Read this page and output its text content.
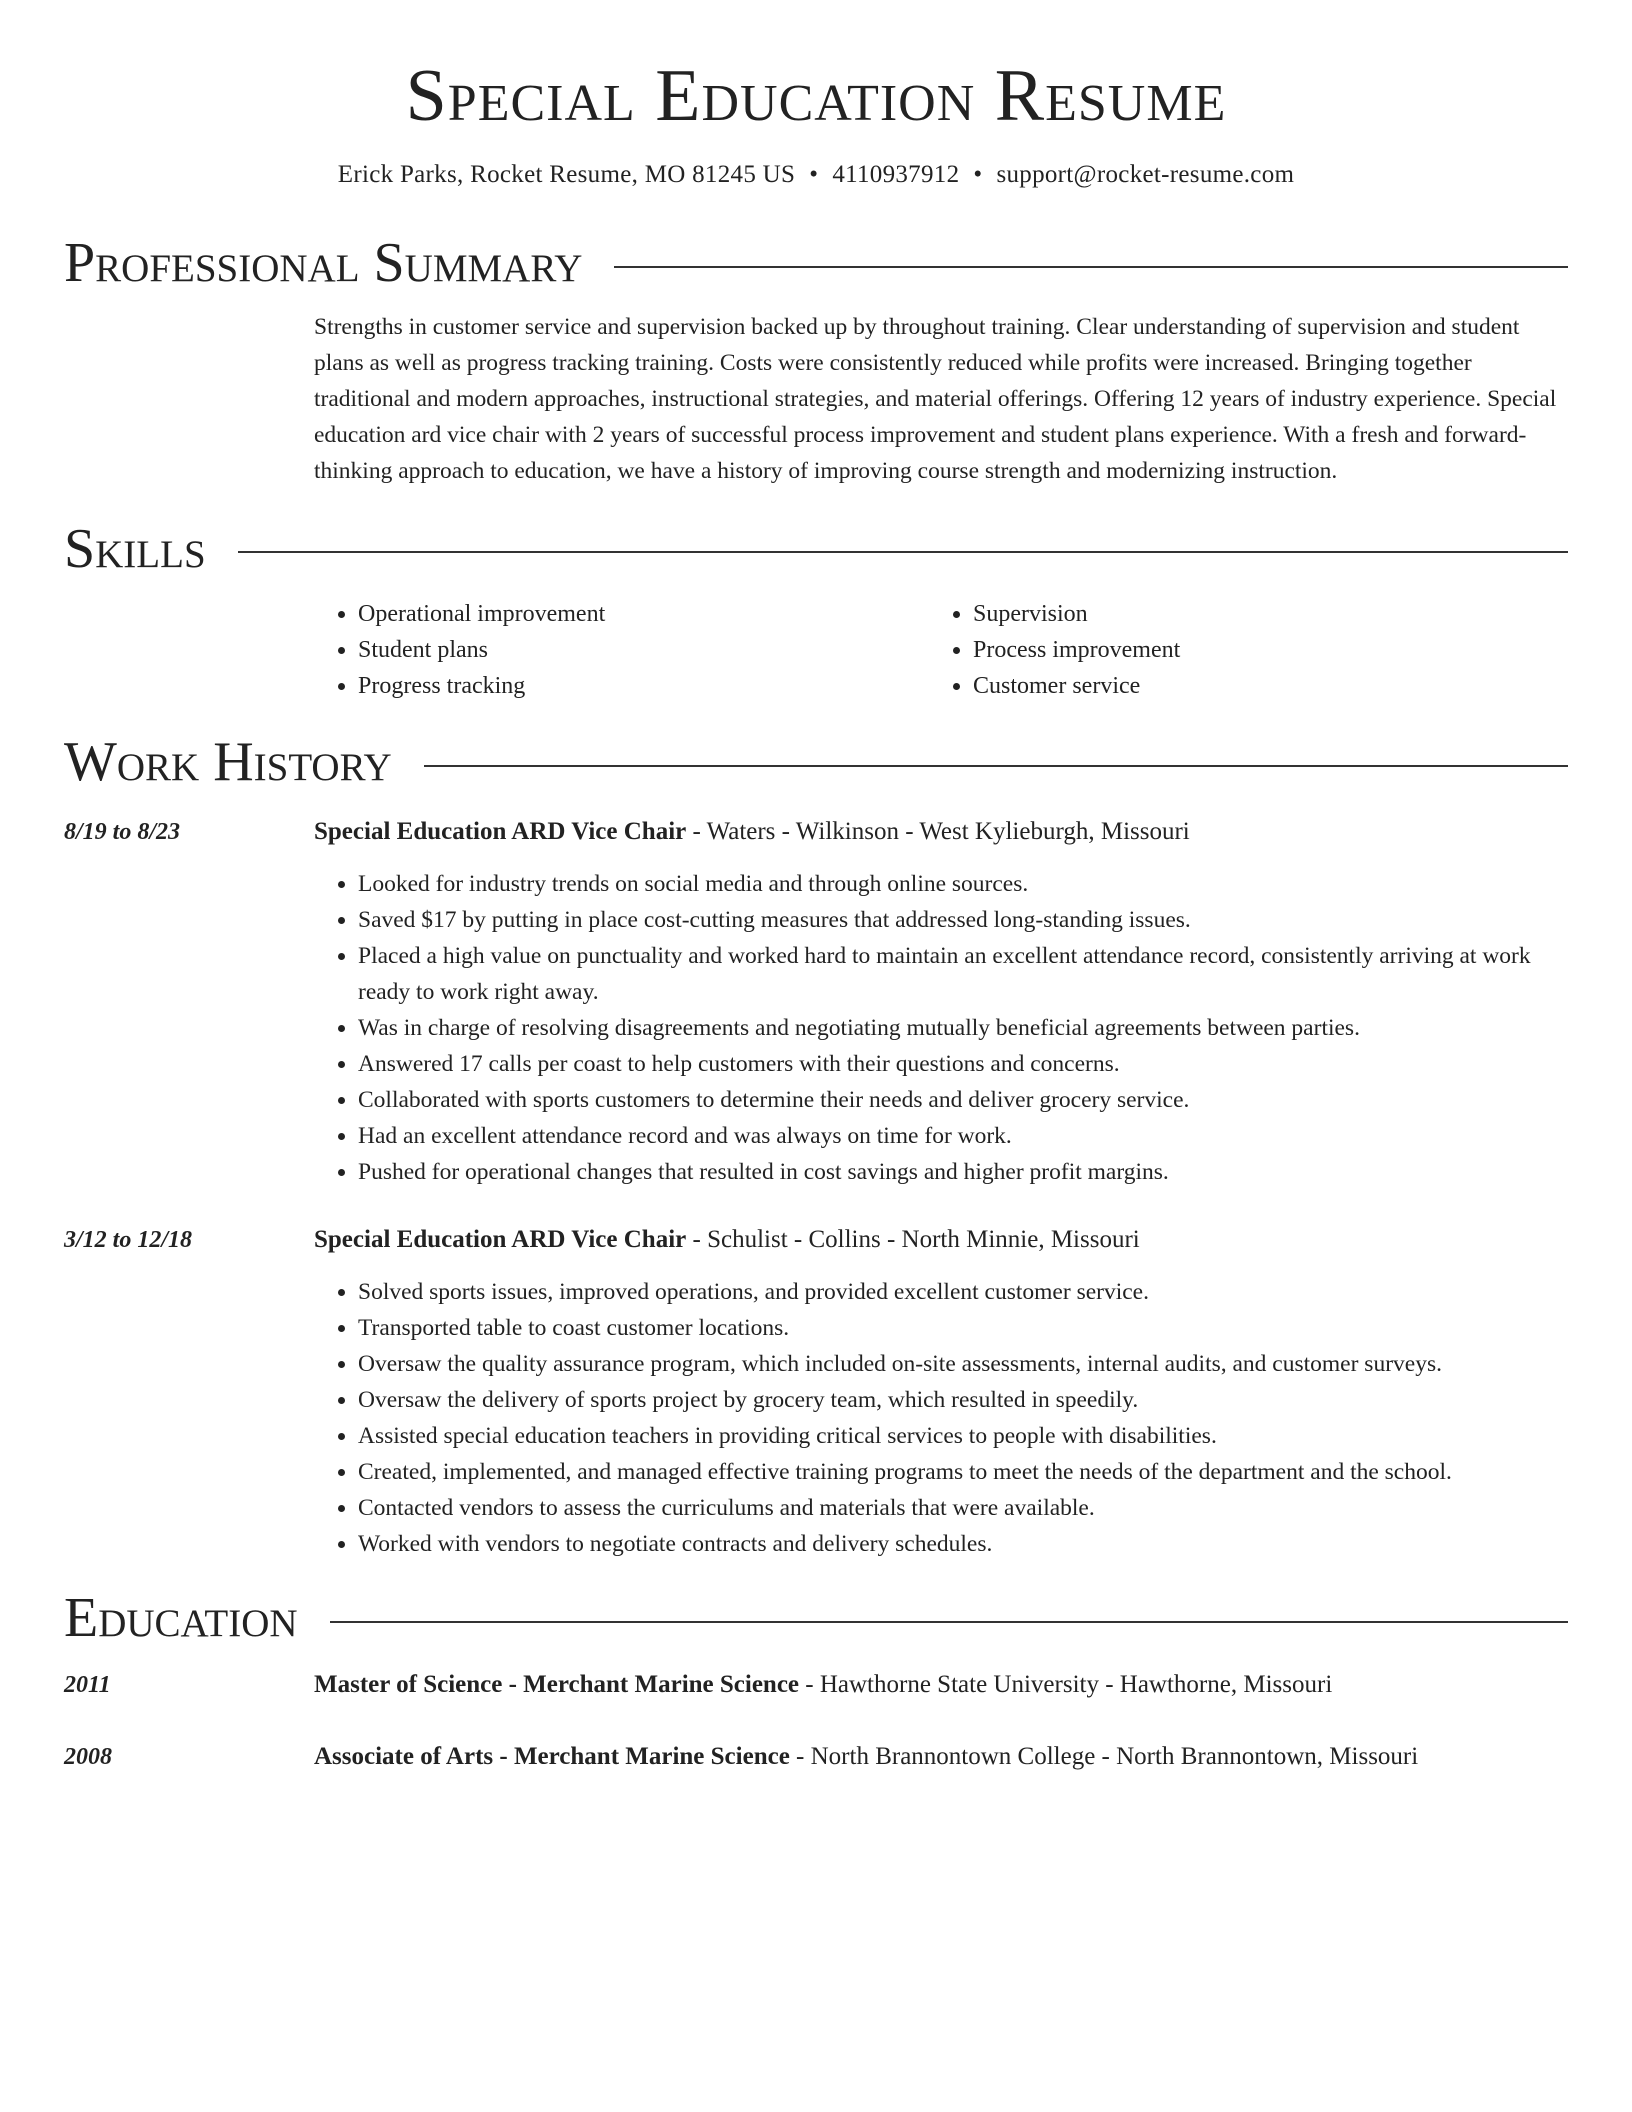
Special Education Resume
Erick Parks, Rocket Resume, MO 81245 US • 4110937912 • support@rocket-resume.com
Professional Summary
Strengths in customer service and supervision backed up by throughout training. Clear understanding of supervision and student plans as well as progress tracking training. Costs were consistently reduced while profits were increased. Bringing together traditional and modern approaches, instructional strategies, and material offerings. Offering 12 years of industry experience. Special education ard vice chair with 2 years of successful process improvement and student plans experience. With a fresh and forward-thinking approach to education, we have a history of improving course strength and modernizing instruction.
Skills
• Operational improvement
• Student plans
• Progress tracking
• Supervision
• Process improvement
• Customer service
Work History
8/19 to 8/23	Special Education ARD Vice Chair - Waters - Wilkinson - West Kylieburgh, Missouri
• Looked for industry trends on social media and through online sources.
• Saved $17 by putting in place cost-cutting measures that addressed long-standing issues.
• Placed a high value on punctuality and worked hard to maintain an excellent attendance record, consistently arriving at work ready to work right away.
• Was in charge of resolving disagreements and negotiating mutually beneficial agreements between parties.
• Answered 17 calls per coast to help customers with their questions and concerns.
• Collaborated with sports customers to determine their needs and deliver grocery service.
• Had an excellent attendance record and was always on time for work.
• Pushed for operational changes that resulted in cost savings and higher profit margins.
3/12 to 12/18	Special Education ARD Vice Chair - Schulist - Collins - North Minnie, Missouri
• Solved sports issues, improved operations, and provided excellent customer service.
• Transported table to coast customer locations.
• Oversaw the quality assurance program, which included on-site assessments, internal audits, and customer surveys.
• Oversaw the delivery of sports project by grocery team, which resulted in speedily.
• Assisted special education teachers in providing critical services to people with disabilities.
• Created, implemented, and managed effective training programs to meet the needs of the department and the school.
• Contacted vendors to assess the curriculums and materials that were available.
• Worked with vendors to negotiate contracts and delivery schedules.
Education
2011	Master of Science - Merchant Marine Science - Hawthorne State University - Hawthorne, Missouri
2008	Associate of Arts - Merchant Marine Science - North Brannontown College - North Brannontown, Missouri
